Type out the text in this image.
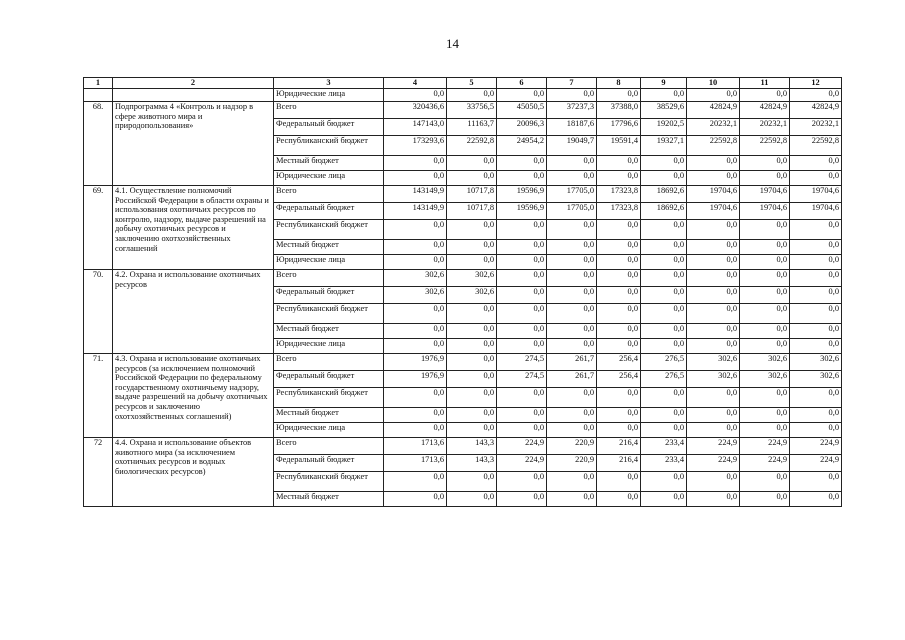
14
1	2	3	4	5	6	7	8	9	10	11	12
		Юридические лица	0,0	0,0	0,0	0,0	0,0	0,0	0,0	0,0	0,0
68.	Подпрограмма 4 «Контроль и надзор в сфере животного мира и природопользования»	Всего	320436,6	33756,5	45050,5	37237,3	37388,0	38529,6	42824,9	42824,9	42824,9
		Федеральный бюджет	147143,0	11163,7	20096,3	18187,6	17796,6	19202,5	20232,1	20232,1	20232,1
		Республиканский бюджет	173293,6	22592,8	24954,2	19049,7	19591,4	19327,1	22592,8	22592,8	22592,8
		Местный бюджет	0,0	0,0	0,0	0,0	0,0	0,0	0,0	0,0	0,0
		Юридические лица	0,0	0,0	0,0	0,0	0,0	0,0	0,0	0,0	0,0
69.	4.1. Осуществление полномочий Российской Федерации в области охраны и использования охотничьих ресурсов по контролю, надзору, выдаче разрешений на добычу охотничьих ресурсов и заключению охотхозяйственных соглашений	Всего	143149,9	10717,8	19596,9	17705,0	17323,8	18692,6	19704,6	19704,6	19704,6
		Федеральный бюджет	143149,9	10717,8	19596,9	17705,0	17323,8	18692,6	19704,6	19704,6	19704,6
		Республиканский бюджет	0,0	0,0	0,0	0,0	0,0	0,0	0,0	0,0	0,0
		Местный бюджет	0,0	0,0	0,0	0,0	0,0	0,0	0,0	0,0	0,0
		Юридические лица	0,0	0,0	0,0	0,0	0,0	0,0	0,0	0,0	0,0
70.	4.2. Охрана и использование охотничьих ресурсов	Всего	302,6	302,6	0,0	0,0	0,0	0,0	0,0	0,0	0,0
		Федеральный бюджет	302,6	302,6	0,0	0,0	0,0	0,0	0,0	0,0	0,0
		Республиканский бюджет	0,0	0,0	0,0	0,0	0,0	0,0	0,0	0,0	0,0
		Местный бюджет	0,0	0,0	0,0	0,0	0,0	0,0	0,0	0,0	0,0
		Юридические лица	0,0	0,0	0,0	0,0	0,0	0,0	0,0	0,0	0,0
71.	4.3. Охрана и использование охотничьих ресурсов (за исключением полномочий Российской Федерации по федеральному государственному охотничьему надзору, выдаче разрешений на добычу охотничьих ресурсов и заключению охотхозяйственных соглашений)	Всего	1976,9	0,0	274,5	261,7	256,4	276,5	302,6	302,6	302,6
		Федеральный бюджет	1976,9	0,0	274,5	261,7	256,4	276,5	302,6	302,6	302,6
		Республиканский бюджет	0,0	0,0	0,0	0,0	0,0	0,0	0,0	0,0	0,0
		Местный бюджет	0,0	0,0	0,0	0,0	0,0	0,0	0,0	0,0	0,0
		Юридические лица	0,0	0,0	0,0	0,0	0,0	0,0	0,0	0,0	0,0
72	4.4. Охрана и использование объектов животного мира (за исключением охотничьих ресурсов и водных биологических ресурсов)	Всего	1713,6	143,3	224,9	220,9	216,4	233,4	224,9	224,9	224,9
		Федеральный бюджет	1713,6	143,3	224,9	220,9	216,4	233,4	224,9	224,9	224,9
		Республиканский бюджет	0,0	0,0	0,0	0,0	0,0	0,0	0,0	0,0	0,0
		Местный бюджет	0,0	0,0	0,0	0,0	0,0	0,0	0,0	0,0	0,0
